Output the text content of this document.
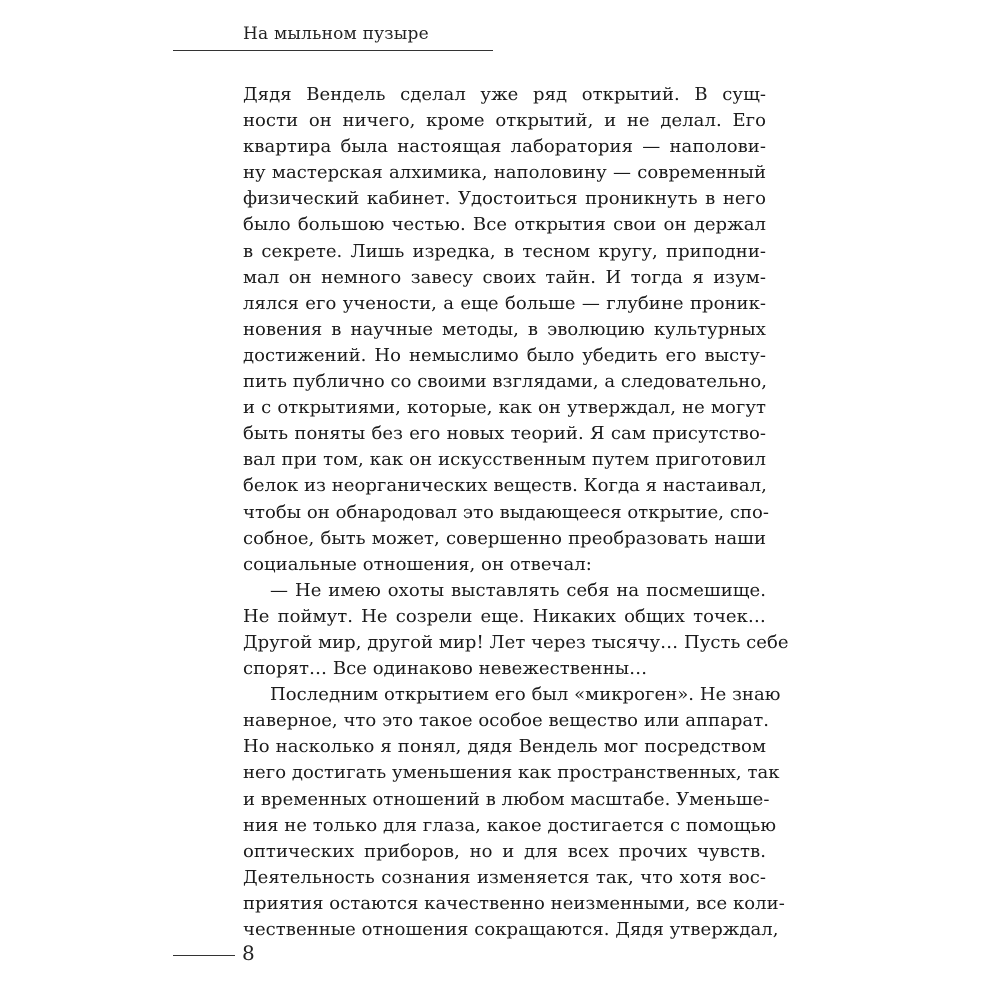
На мыльном пузыре
Дядя Вендель сделал уже ряд открытий. В сущ-
ности он ничего, кроме открытий, и не делал. Его
квартира была настоящая лаборатория — наполови-
ну мастерская алхимика, наполовину — современный
физический кабинет. Удостоиться проникнуть в него
было большою честью. Все открытия свои он держал
в секрете. Лишь изредка, в тесном кругу, приподни-
мал он немного завесу своих тайн. И тогда я изум-
лялся его учености, а еще больше — глубине проник-
новения в научные методы, в эволюцию культурных
достижений. Но немыслимо было убедить его высту-
пить публично со своими взглядами, а следовательно,
и с открытиями, которые, как он утверждал, не могут
быть поняты без его новых теорий. Я сам присутство-
вал при том, как он искусственным путем приготовил
белок из неорганических веществ. Когда я настаивал,
чтобы он обнародовал это выдающееся открытие, спо-
собное, быть может, совершенно преобразовать наши
социальные отношения, он отвечал:
— Не имею охоты выставлять себя на посмешище.
Не поймут. Не созрели еще. Никаких общих точек…
Другой мир, другой мир! Лет через тысячу… Пусть себе
спорят… Все одинаково невежественны…
Последним открытием его был «микроген». Не знаю
наверное, что это такое особое вещество или аппарат.
Но насколько я понял, дядя Вендель мог посредством
него достигать уменьшения как пространственных, так
и временных отношений в любом масштабе. Уменьше-
ния не только для глаза, какое достигается с помощью
оптических приборов, но и для всех прочих чувств.
Деятельность сознания изменяется так, что хотя вос-
приятия остаются качественно неизменными, все коли-
чественные отношения сокращаются. Дядя утверждал,
8
